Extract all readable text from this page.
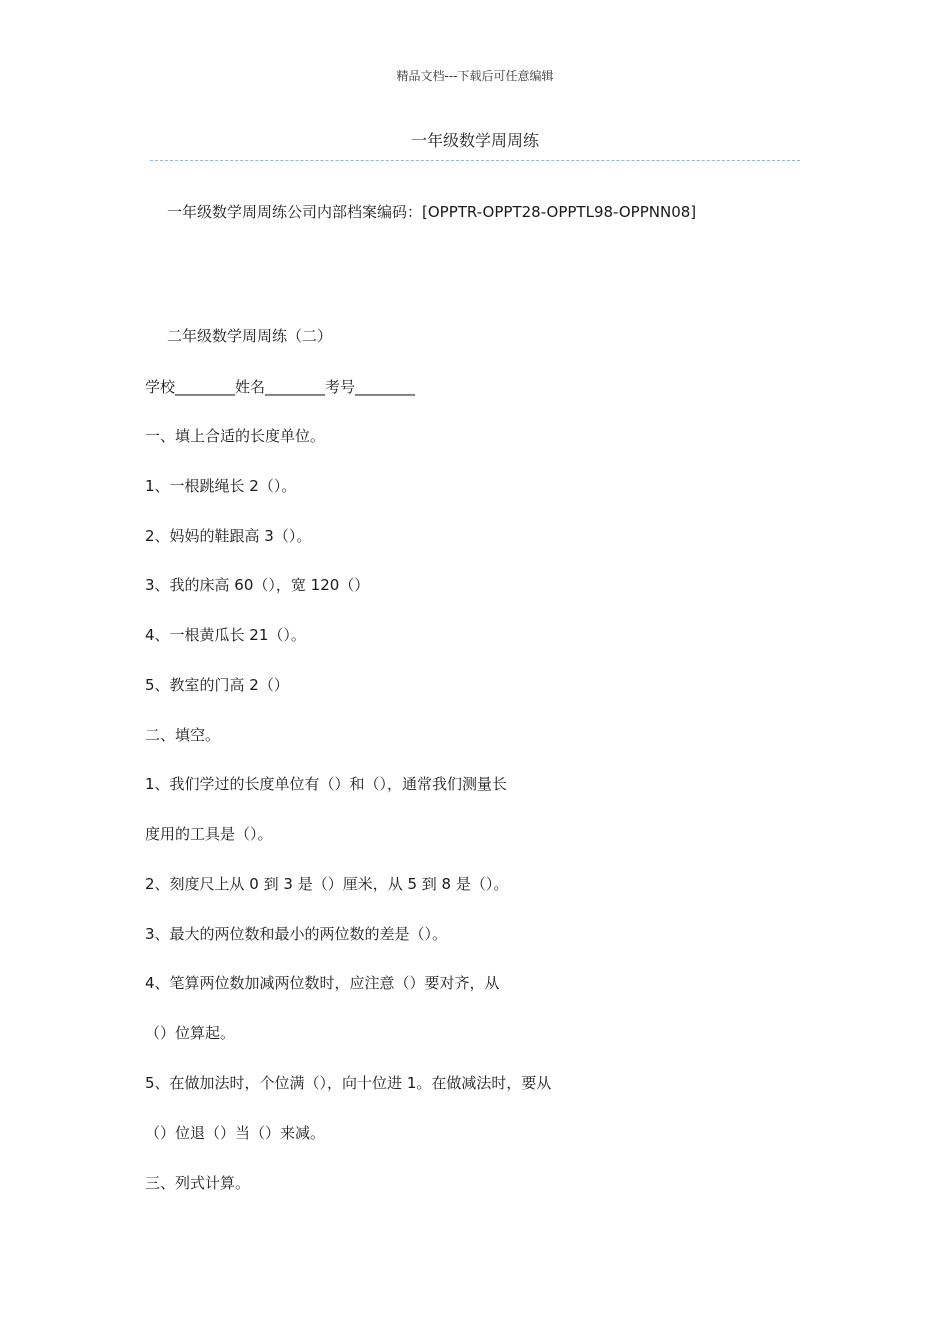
精品文档---下载后可任意编辑
一年级数学周周练
一年级数学周周练公司内部档案编码：[OPPTR-OPPT28-OPPTL98-OPPNN08]
二年级数学周周练（二）
学校________姓名________考号________
一、填上合适的长度单位。
1、一根跳绳长 2（）。
2、妈妈的鞋跟高 3（）。
3、我的床高 60（），宽 120（）
4、一根黄瓜长 21（）。
5、教室的门高 2（）
二、填空。
1、我们学过的长度单位有（）和（），通常我们测量长
度用的工具是（）。
2、刻度尺上从 0 到 3 是（）厘米，从 5 到 8 是（）。
3、最大的两位数和最小的两位数的差是（）。
4、笔算两位数加减两位数时，应注意（）要对齐，从
（）位算起。
5、在做加法时，个位满（），向十位进 1。在做减法时，要从
（）位退（）当（）来减。
三、列式计算。
